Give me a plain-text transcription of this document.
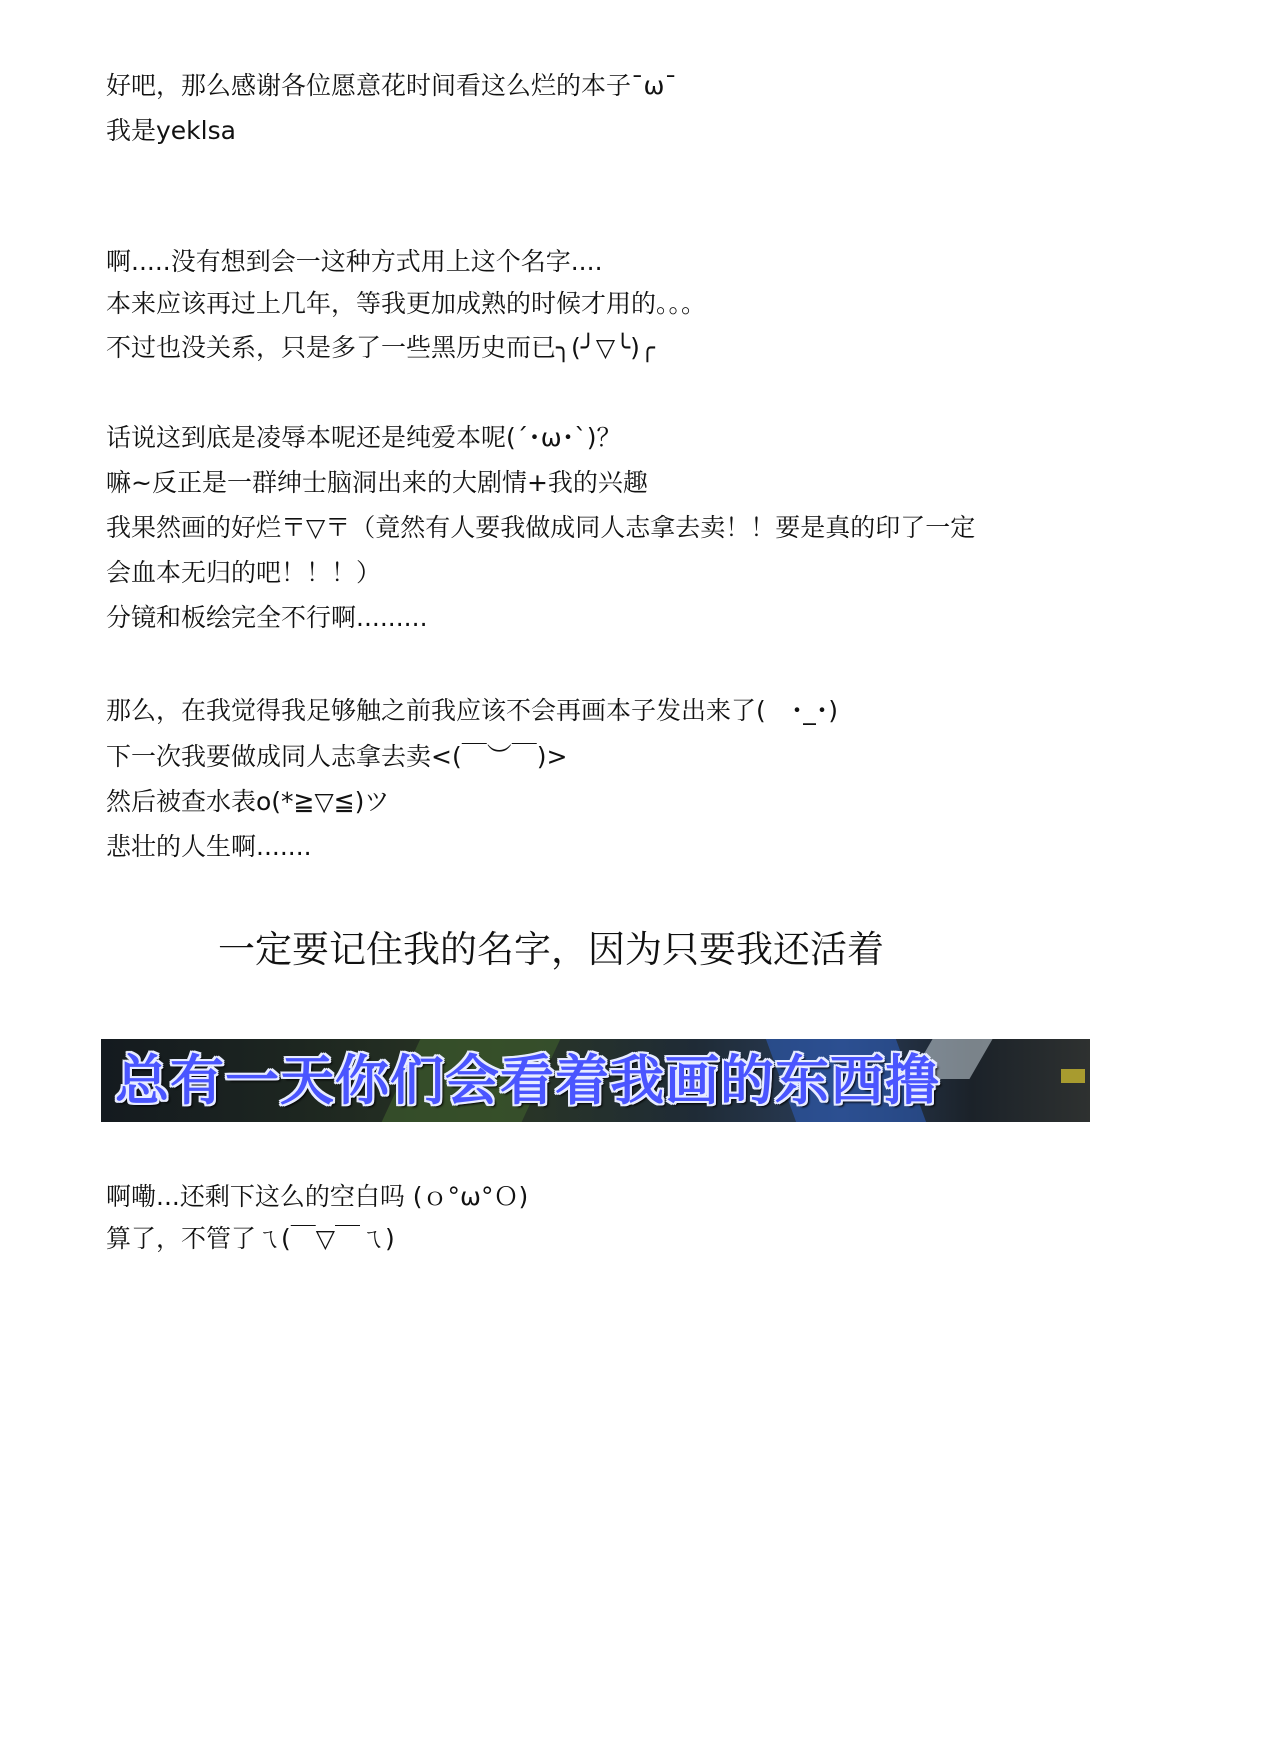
好吧，那么感谢各位愿意花时间看这么烂的本子¯ω¯
我是yeklsa
啊.....没有想到会一这种方式用上这个名字....
本来应该再过上几年，等我更加成熟的时候才用的。。。
不过也没关系，只是多了一些黑历史而已╮(╯▽╰)╭
话说这到底是凌辱本呢还是纯爱本呢(´･ω･`)？
嘛~反正是一群绅士脑洞出来的大剧情+我的兴趣
我果然画的好烂〒▽〒（竟然有人要我做成同人志拿去卖！！要是真的印了一定
会血本无归的吧！！！）
分镜和板绘完全不行啊.........
那么，在我觉得我足够触之前我应该不会再画本子发出来了(　･_･)
下一次我要做成同人志拿去卖<(￣︶￣)>
然后被查水表o(*≧▽≦)ツ
悲壮的人生啊.......
一定要记住我的名字，因为只要我还活着
总有一天你们会看着我画的东西撸
啊嘞...还剩下这么的空白吗 (ｏ°ω°Ｏ)
算了，不管了ㄟ(￣▽￣ㄟ)
